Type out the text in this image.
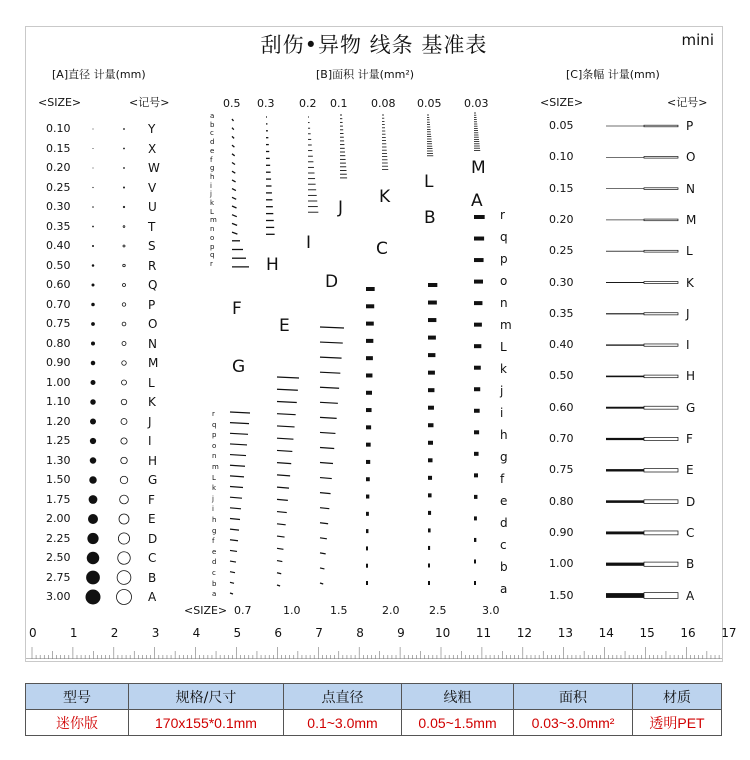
刮伤•异物 线条 基准表	mini
[A]直径 计量(mm)	[B]面积 计量(mm²)	[C]条幅 计量(mm)
<SIZE>	<记号>	<SIZE>	<记号>
0.10	Y
0.15	X
0.20	W
0.25	V
0.30	U
0.35	T
0.40	S
0.50	R
0.60	Q
0.70	P
0.75	O
0.80	N
0.90	M
1.00	L
1.10	K
1.20	J
1.25	I
1.30	H
1.50	G
1.75	F
2.00	E
2.25	D
2.50	C
2.75	B
3.00	A
0.5 0.3 0.2 0.1 0.08 0.05 0.03
a
b
c
d
e
f
g
h
i
j
k
L
m
n
o
p
q
r
r
q
p
o
n
m
L
k
j
i
h
g
f
e
d
c
b
a
A
B
C
D
E
F
G
H
I
J
K
L
M
r
q
p
o
n
m
L
k
j
i
h
g
f
e
d
c
b
a
<SIZE> 0.7	1.0	1.5	2.0	2.5	3.0
0.05	P
0.10	O
0.15	N
0.20	M
0.25	L
0.30	K
0.35	J
0.40	I
0.50	H
0.60	G
0.70	F
0.75	E
0.80	D
0.90	C
1.00	B
1.50	A
0	1	2	3	4	5	6	7	8	9	10 11 12 13 14 15 16 17
型号	规格/尺寸	点直径	线粗	面积	材质
迷你版	170x155*0.1mm	0.1~3.0mm	0.05~1.5mm	0.03~3.0mm²	透明PET
